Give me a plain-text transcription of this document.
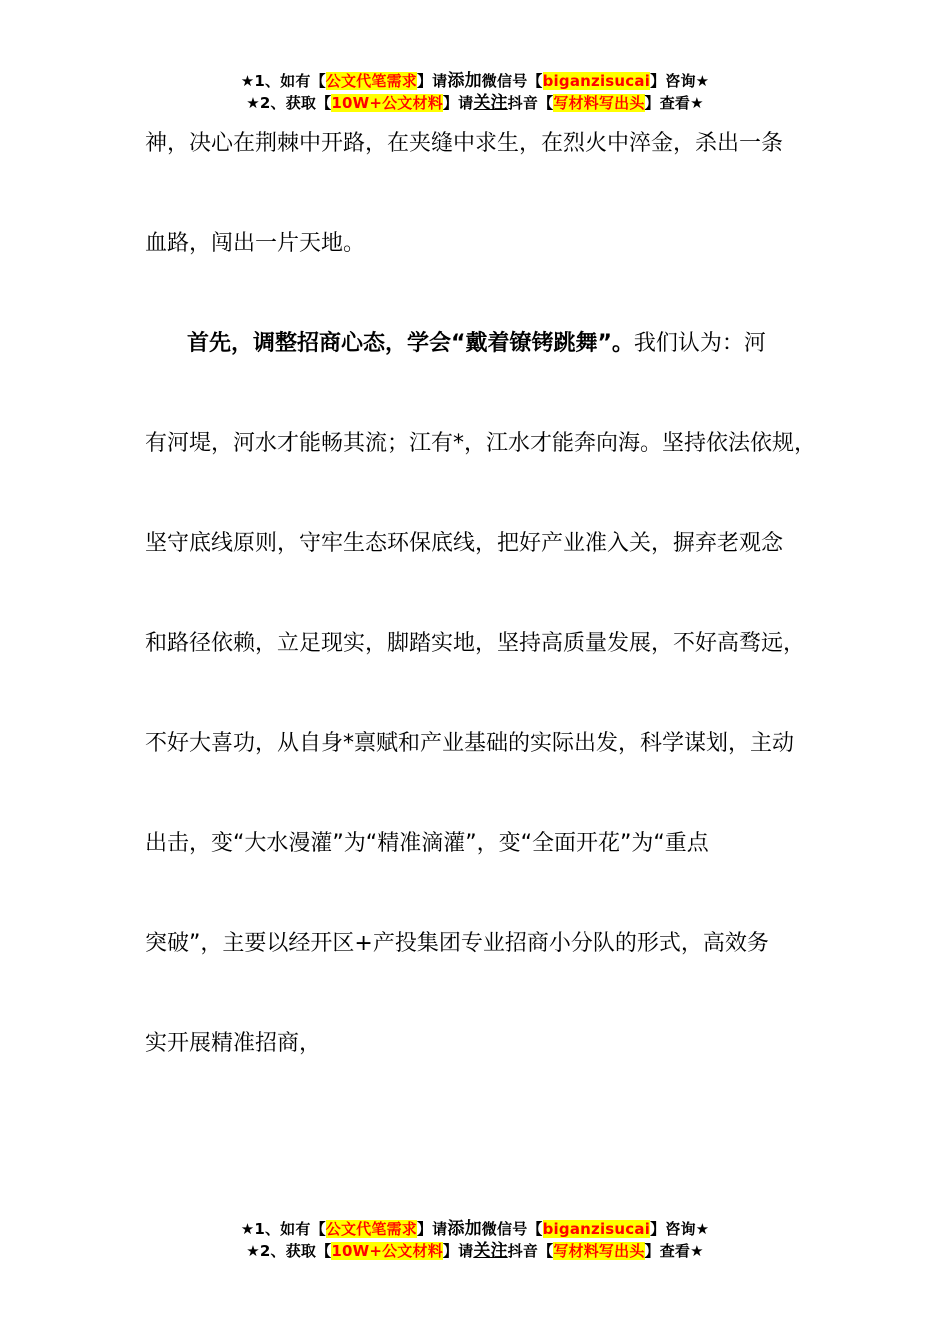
★1、如有【公文代笔需求】请添加微信号【biganzisucai】咨询★
★2、获取【10W+公文材料】请关注抖音【写材料写出头】查看★
神，决心在荆棘中开路，在夹缝中求生，在烈火中淬金，杀出一条
血路，闯出一片天地。
首先，调整招商心态，学会“戴着镣铐跳舞”。我们认为：河
有河堤，河水才能畅其流；江有*，江水才能奔向海。坚持依法依规，
坚守底线原则，守牢生态环保底线，把好产业准入关，摒弃老观念
和路径依赖，立足现实，脚踏实地，坚持高质量发展，不好高骛远，
不好大喜功，从自身*禀赋和产业基础的实际出发，科学谋划，主动
出击，变“大水漫灌”为“精准滴灌”，变“全面开花”为“重点
突破”，主要以经开区+产投集团专业招商小分队的形式，高效务
实开展精准招商，
★1、如有【公文代笔需求】请添加微信号【biganzisucai】咨询★
★2、获取【10W+公文材料】请关注抖音【写材料写出头】查看★
